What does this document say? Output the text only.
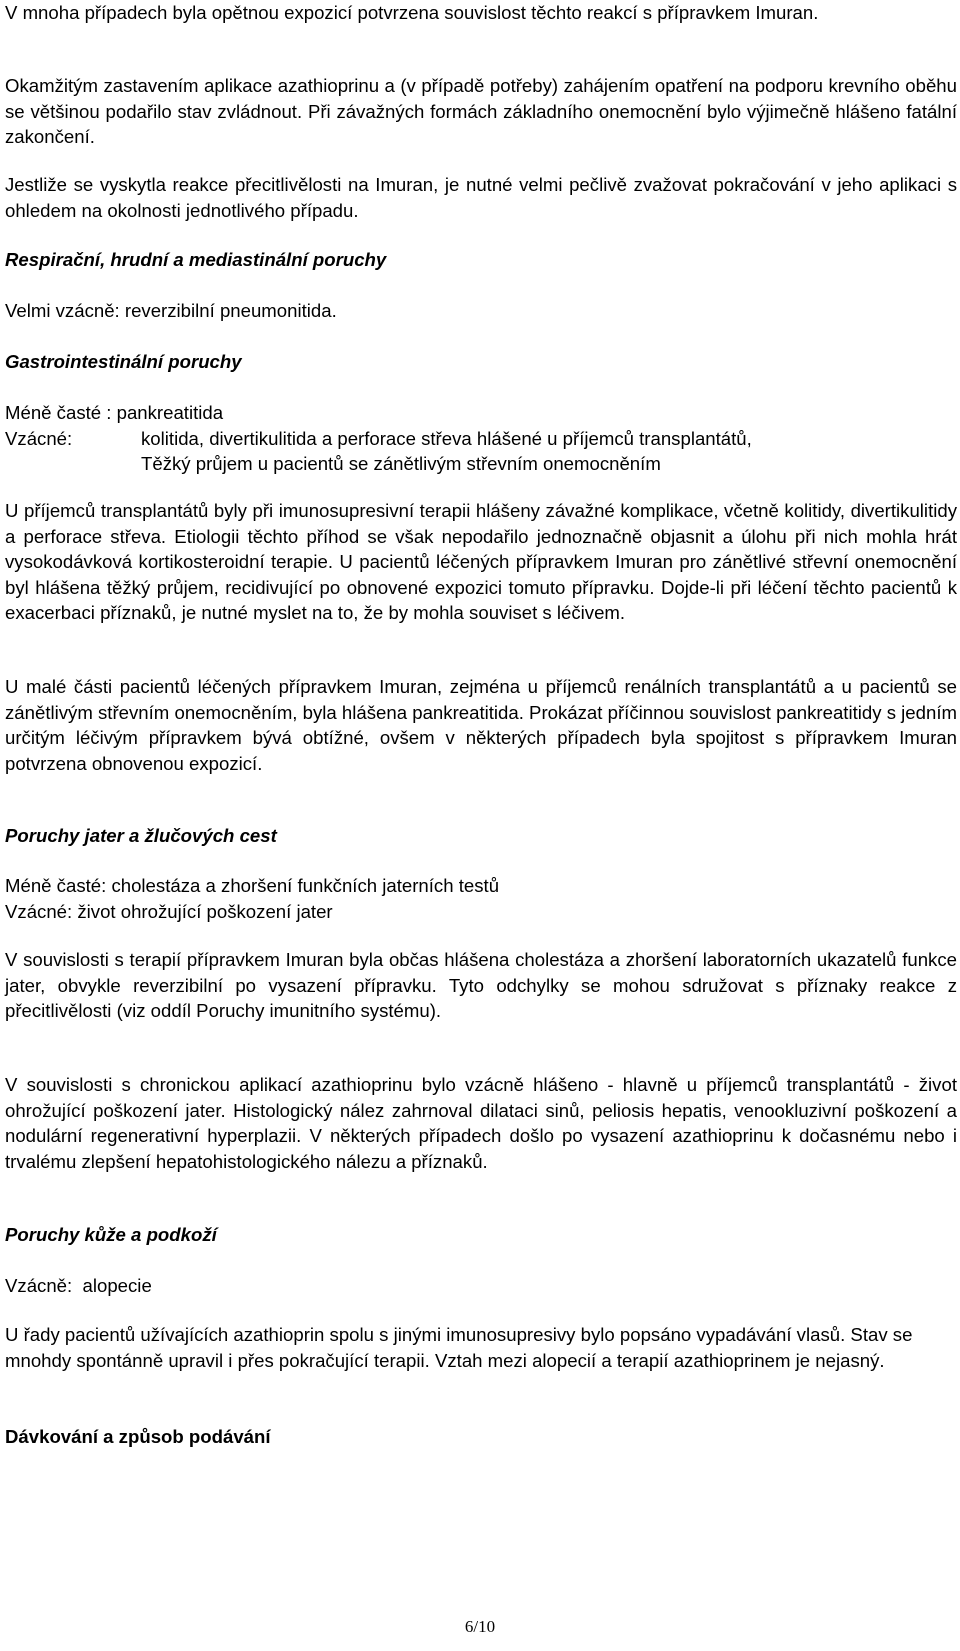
V mnoha případech byla opětnou expozicí potvrzena souvislost těchto reakcí s přípravkem Imuran.

Okamžitým zastavením aplikace azathioprinu a (v případě potřeby) zahájením opatření na podporu krevního oběhu se většinou podařilo stav zvládnout. Při závažných formách základního onemocnění bylo výjimečně hlášeno fatální zakončení.

Jestliže se vyskytla reakce přecitlivělosti na Imuran, je nutné velmi pečlivě zvažovat pokračování v jeho aplikaci s ohledem na okolnosti jednotlivého případu.

Respirační, hrudní a mediastinální poruchy

Velmi vzácně: reverzibilní pneumonitida.

Gastrointestinální poruchy
Méně časté : pankreatitida
Vzácné:	kolitida, divertikulitida a perforace střeva hlášené u příjemců transplantátů,
Těžký průjem u pacientů se zánětlivým střevním onemocněním

U příjemců transplantátů byly při imunosupresivní terapii hlášeny závažné komplikace, včetně kolitidy, divertikulitidy a perforace střeva. Etiologii těchto příhod se však nepodařilo jednoznačně objasnit a úlohu při nich mohla hrát vysokodávková kortikosteroidní terapie. U pacientů léčených přípravkem Imuran pro zánětlivé střevní onemocnění byl hlášena těžký průjem, recidivující po obnovené expozici tomuto přípravku. Dojde-li při léčení těchto pacientů k exacerbaci příznaků, je nutné myslet na to, že by mohla souviset s léčivem.

U malé části pacientů léčených přípravkem Imuran, zejména u příjemců renálních transplantátů a u pacientů se zánětlivým střevním onemocněním, byla hlášena pankreatitida. Prokázat příčinnou souvislost pankreatitidy s jedním určitým léčivým přípravkem bývá obtížné, ovšem v některých případech byla spojitost s přípravkem Imuran potvrzena obnovenou expozicí.

Poruchy jater a žlučových cest
Méně časté: cholestáza a zhoršení funkčních jaterních testů
Vzácné: život ohrožující poškození jater

V souvislosti s terapií přípravkem Imuran byla občas hlášena cholestáza a zhoršení laboratorních ukazatelů funkce jater, obvykle reverzibilní po vysazení přípravku. Tyto odchylky se mohou sdružovat s příznaky reakce z přecitlivělosti (viz oddíl Poruchy imunitního systému).

V souvislosti s chronickou aplikací azathioprinu bylo vzácně hlášeno - hlavně u příjemců transplantátů - život ohrožující poškození jater. Histologický nález zahrnoval dilataci sinů, peliosis hepatis, venookluzivní poškození a nodulární regenerativní hyperplazii. V některých případech došlo po vysazení azathioprinu k dočasnému nebo i trvalému zlepšení hepatohistologického nálezu a příznaků.

Poruchy kůže a podkoží

Vzácně:  alopecie

U řady pacientů užívajících azathioprin spolu s jinými imunosupresivy bylo popsáno vypadávání vlasů. Stav se mnohdy spontánně upravil i přes pokračující terapii. Vztah mezi alopecií a terapií azathioprinem je nejasný.

Dávkování a způsob podávání
6/10
